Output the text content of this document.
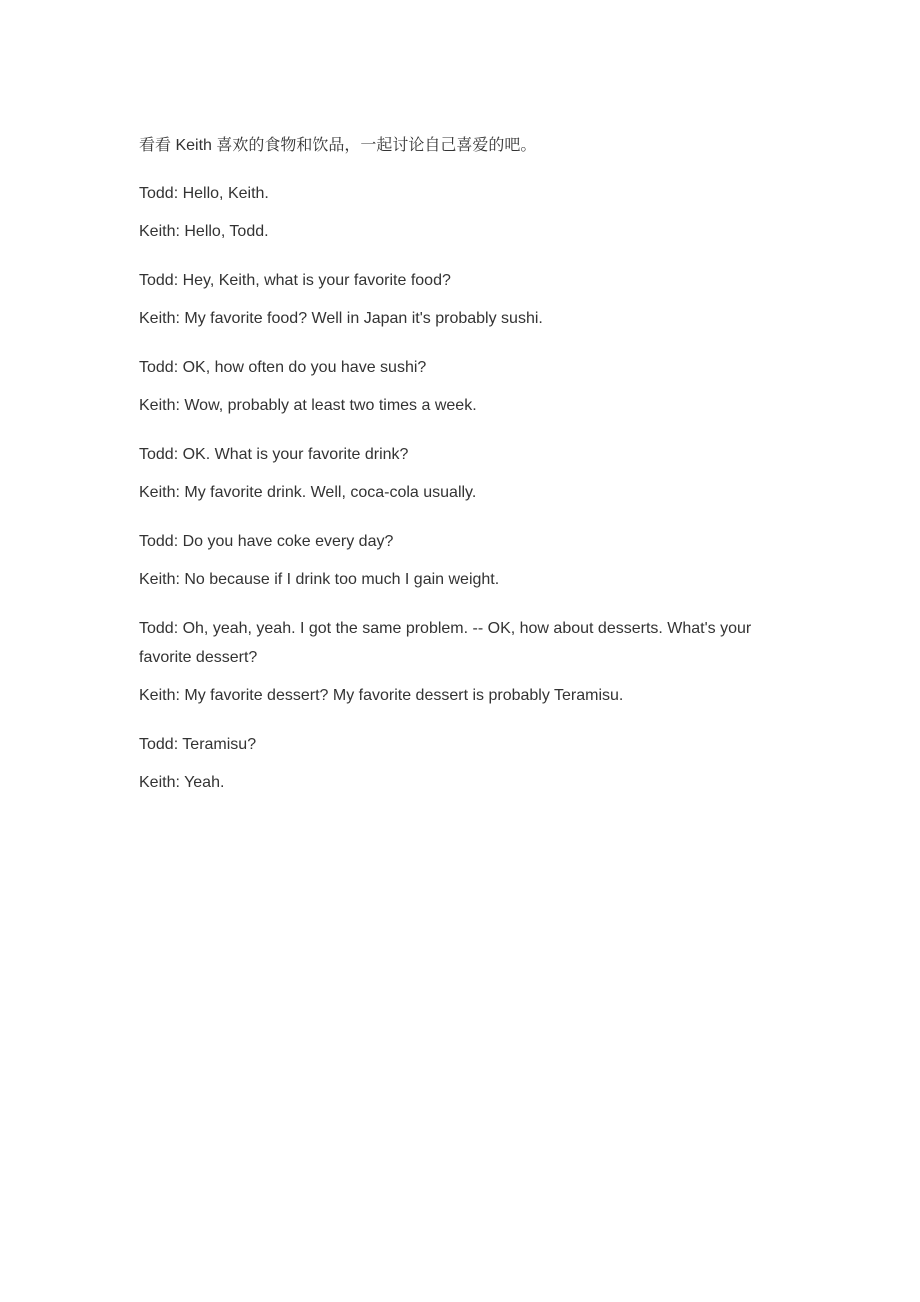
看看 Keith 喜欢的食物和饮品，一起讨论自己喜爱的吧。

Todd: Hello, Keith.

Keith: Hello, Todd.

Todd: Hey, Keith, what is your favorite food?

Keith: My favorite food? Well in Japan it's probably sushi.

Todd: OK, how often do you have sushi?

Keith: Wow, probably at least two times a week.

Todd: OK. What is your favorite drink?

Keith: My favorite drink. Well, coca-cola usually.

Todd: Do you have coke every day?

Keith: No because if I drink too much I gain weight.

Todd: Oh, yeah, yeah. I got the same problem. -- OK, how about desserts. What's your favorite dessert?

Keith: My favorite dessert? My favorite dessert is probably Teramisu.

Todd: Teramisu?

Keith: Yeah.
